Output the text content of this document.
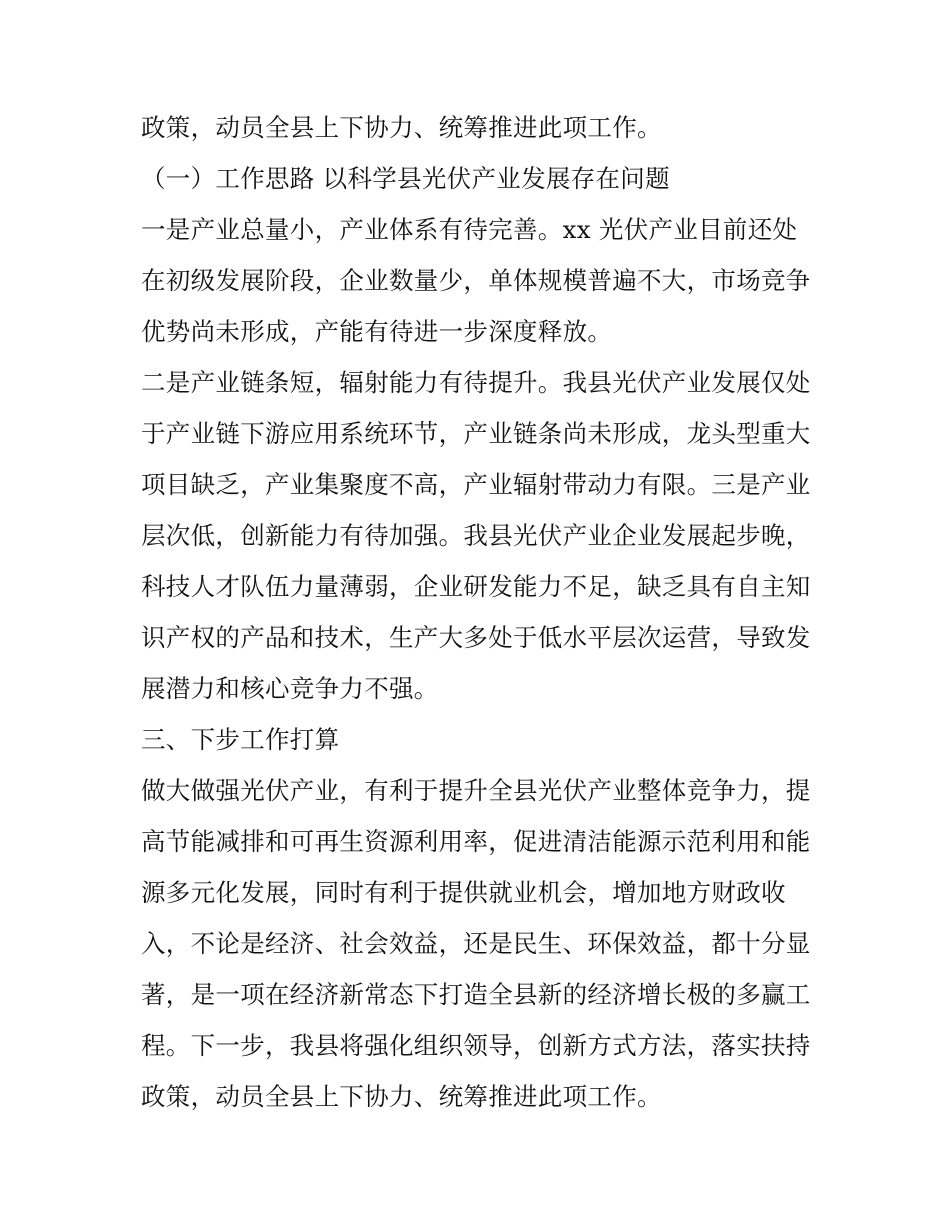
政策，动员全县上下协力、统筹推进此项工作。

（一）工作思路 以科学县光伏产业发展存在问题

一是产业总量小，产业体系有待完善。xx 光伏产业目前还处

在初级发展阶段，企业数量少，单体规模普遍不大，市场竞争

优势尚未形成，产能有待进一步深度释放。

二是产业链条短，辐射能力有待提升。我县光伏产业发展仅处

于产业链下游应用系统环节，产业链条尚未形成，龙头型重大

项目缺乏，产业集聚度不高，产业辐射带动力有限。三是产业

层次低，创新能力有待加强。我县光伏产业企业发展起步晚，

科技人才队伍力量薄弱，企业研发能力不足，缺乏具有自主知

识产权的产品和技术，生产大多处于低水平层次运营，导致发

展潜力和核心竞争力不强。

三、下步工作打算

做大做强光伏产业，有利于提升全县光伏产业整体竞争力，提

高节能减排和可再生资源利用率，促进清洁能源示范利用和能

源多元化发展，同时有利于提供就业机会，增加地方财政收

入，不论是经济、社会效益，还是民生、环保效益，都十分显

著，是一项在经济新常态下打造全县新的经济增长极的多赢工

程。下一步，我县将强化组织领导，创新方式方法，落实扶持

政策，动员全县上下协力、统筹推进此项工作。
